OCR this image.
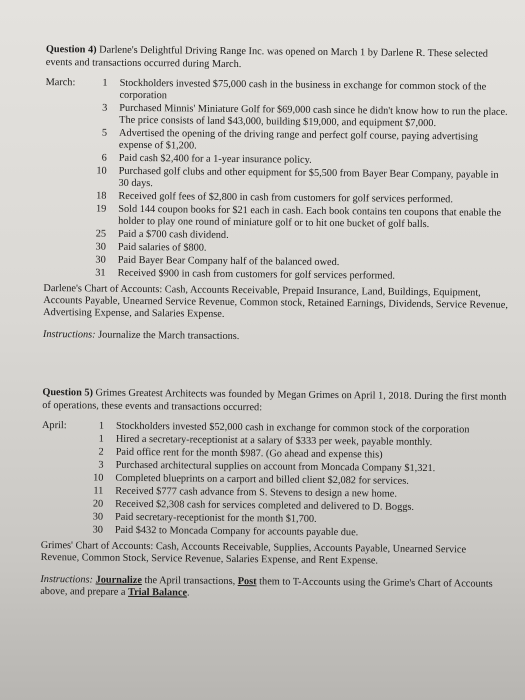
Question 4) Darlene's Delightful Driving Range Inc. was opened on March 1 by Darlene R. These selected events and transactions occurred during March.
March:	1	Stockholders invested $75,000 cash in the business in exchange for common stock of the corporation
3	Purchased Minnis' Miniature Golf for $69,000 cash since he didn't know how to run the place. The price consists of land $43,000, building $19,000, and equipment $7,000.
5	Advertised the opening of the driving range and perfect golf course, paying advertising expense of $1,200.
6	Paid cash $2,400 for a 1-year insurance policy.
10	Purchased golf clubs and other equipment for $5,500 from Bayer Bear Company, payable in 30 days.
18	Received golf fees of $2,800 in cash from customers for golf services performed.
19	Sold 144 coupon books for $21 each in cash. Each book contains ten coupons that enable the holder to play one round of miniature golf or to hit one bucket of golf balls.
25	Paid a $700 cash dividend.
30	Paid salaries of $800.
30	Paid Bayer Bear Company half of the balanced owed.
31	Received $900 in cash from customers for golf services performed.
Darlene's Chart of Accounts: Cash, Accounts Receivable, Prepaid Insurance, Land, Buildings, Equipment, Accounts Payable, Unearned Service Revenue, Common stock, Retained Earnings, Dividends, Service Revenue, Advertising Expense, and Salaries Expense.
Instructions: Journalize the March transactions.
Question 5) Grimes Greatest Architects was founded by Megan Grimes on April 1, 2018. During the first month of operations, these events and transactions occurred:
April:	1	Stockholders invested $52,000 cash in exchange for common stock of the corporation
1	Hired a secretary-receptionist at a salary of $333 per week, payable monthly.
2	Paid office rent for the month $987. (Go ahead and expense this)
3	Purchased architectural supplies on account from Moncada Company $1,321.
10	Completed blueprints on a carport and billed client $2,082 for services.
11	Received $777 cash advance from S. Stevens to design a new home.
20	Received $2,308 cash for services completed and delivered to D. Boggs.
30	Paid secretary-receptionist for the month $1,700.
30	Paid $432 to Moncada Company for accounts payable due.
Grimes' Chart of Accounts: Cash, Accounts Receivable, Supplies, Accounts Payable, Unearned Service Revenue, Common Stock, Service Revenue, Salaries Expense, and Rent Expense.
Instructions: Journalize the April transactions, Post them to T-Accounts using the Grime's Chart of Accounts above, and prepare a Trial Balance.
